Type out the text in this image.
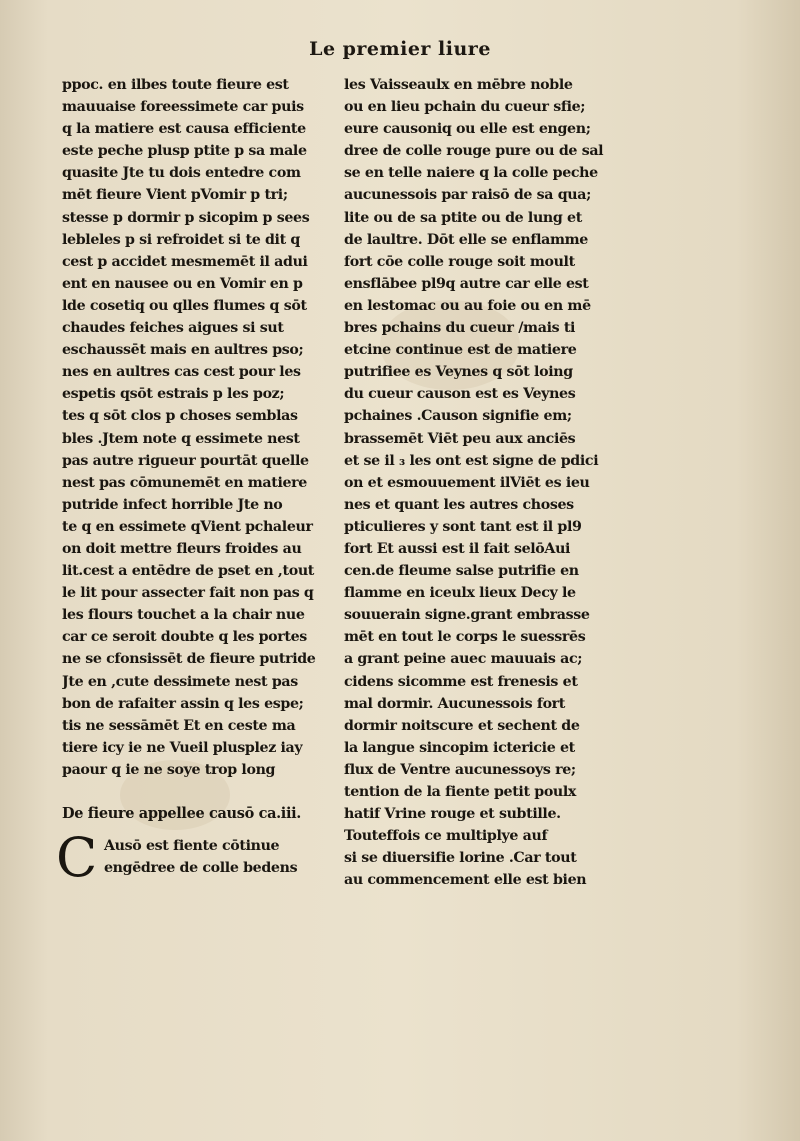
Le premier liure
ppoc. en ilbes toute fieure est
mauuaise foreessimete car puis
q la matiere est causa efficiente
este peche plusp ptite p sa male
quasite Jte tu dois entedre com
mēt fieure Vient pVomir p tri;
stesse p dormir p sicopim p sees
lebleles p si refroidet si te dit q
cest p accidet mesmemēt il adui
ent en nausee ou en Vomir en p
lde cosetiq ou qlles flumes q sōt
chaudes feiches aigues si sut
eschaussēt mais en aultres pso;
nes en aultres cas cest pour les
espetis qsōt estrais p les poz;
tes q sōt clos p choses semblas
bles .Jtem note q essimete nest
pas autre rigueur pourtāt quelle
nest pas cōmunemēt en matiere
putride infect horrible Jte no
te q en essimete qVient pchaleur
on doit mettre fleurs froides au
lit.cest a entēdre de pset en ,tout
le lit pour assecter fait non pas q
les flours touchet a la chair nue
car ce seroit doubte q les portes
ne se cfonsissēt de fieure putride
Jte en ,cute dessimete nest pas
bon de rafaiter assin q les espe;
tis ne sessāmēt Et en ceste ma
tiere icy ie ne Vueil plusplez iay
paour q ie ne soye trop long
De fieure appellee causō ca.iii.
C Ausō est fiente cōtinue
engēdree de colle bedens
les Vaisseaulx en mēbre noble
ou en lieu pchain du cueur sfie;
eure causoniq ou elle est engen;
dree de colle rouge pure ou de sal
se en telle naiere q la colle peche
aucunessois par raisō de sa qua;
lite ou de sa ptite ou de lung et
de laultre. Dōt elle se enflamme
fort cōe colle rouge soit moult
ensflābee pl9q autre car elle est
en lestomac ou au foie ou en mē
bres pchains du cueur /mais ti
etcine continue est de matiere
putrifiee es Veynes q sōt loing
du cueur causon est es Veynes
pchaines .Causon signifie em;
brassemēt Viēt peu aux anciēs
et se il ₃ les ont est signe de pdici
on et esmouuement ilViēt es ieu
nes et quant les autres choses
pticulieres y sont tant est il pl9
fort Et aussi est il fait selōAui
cen.de fleume salse putrifie en
flamme en iceulx lieux Decy le
souuerain signe.grant embrasse
mēt en tout le corps le suessrēs
a grant peine auec mauuais ac;
cidens sicomme est frenesis et
mal dormir. Aucunessois fort
dormir noitscure et sechent de
la langue sincopim ictericie et
flux de Ventre aucunessoys re;
tention de la fiente petit poulx
hatif Vrine rouge et subtille.
Touteffois ce multiplye auf
si se diuersifie lorine .Car tout
au commencement elle est bien
